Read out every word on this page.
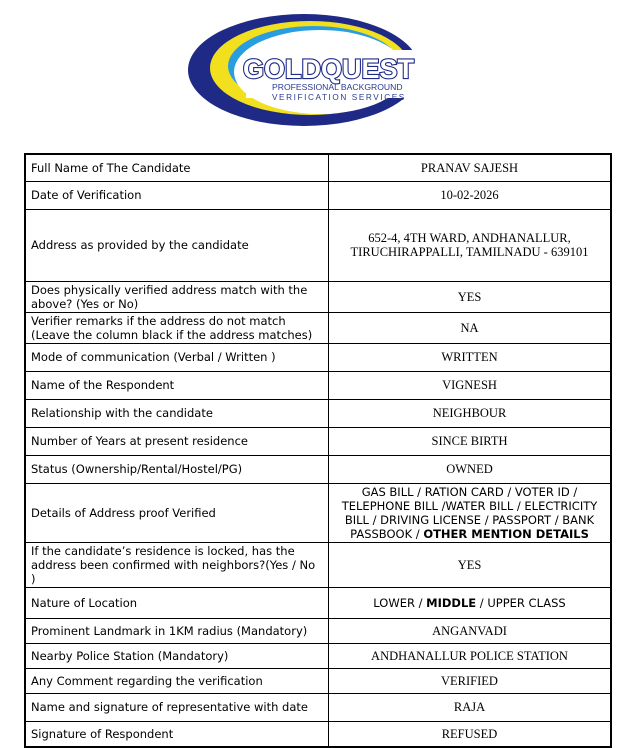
GOLDQUEST
PROFESSIONAL BACKGROUND
VERIFICATION SERVICES
Full Name of The Candidate	PRANAV SAJESH
Date of Verification	10-02-2026
Address as provided by the candidate	652-4, 4TH WARD, ANDHANALLUR,
TIRUCHIRAPPALLI, TAMILNADU - 639101
Does physically verified address match with the above? (Yes or No)	YES
Verifier remarks if the address do not match (Leave the column black if the address matches)	NA
Mode of communication (Verbal / Written )	WRITTEN
Name of the Respondent	VIGNESH
Relationship with the candidate	NEIGHBOUR
Number of Years at present residence	SINCE BIRTH
Status (Ownership/Rental/Hostel/PG)	OWNED
Details of Address proof Verified	GAS BILL / RATION CARD / VOTER ID / TELEPHONE BILL /WATER BILL / ELECTRICITY BILL / DRIVING LICENSE / PASSPORT / BANK PASSBOOK / OTHER MENTION DETAILS
If the candidate’s residence is locked, has the address been confirmed with neighbors?(Yes / No )	YES
Nature of Location	LOWER / MIDDLE / UPPER CLASS
Prominent Landmark in 1KM radius (Mandatory)	ANGANVADI
Nearby Police Station (Mandatory)	ANDHANALLUR POLICE STATION
Any Comment regarding the verification	VERIFIED
Name and signature of representative with date	RAJA
Signature of Respondent	REFUSED
